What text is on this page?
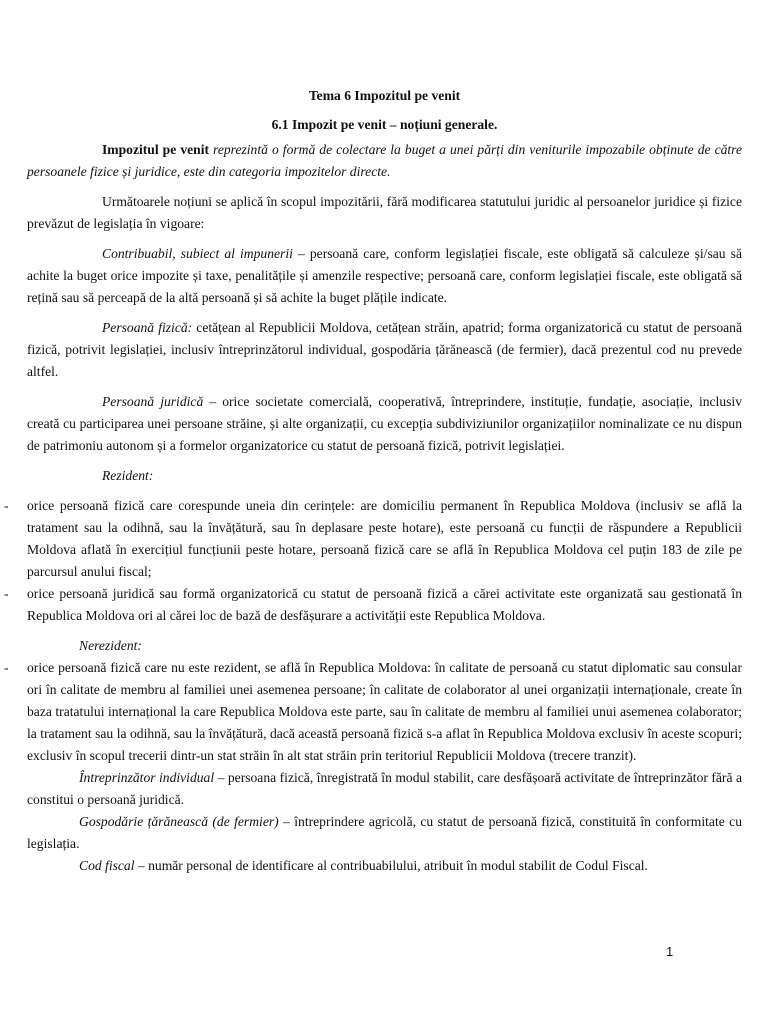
Tema 6 Impozitul pe venit

6.1 Impozit pe venit – noțiuni generale.

Impozitul pe venit reprezintă o formă de colectare la buget a unei părți din veniturile impozabile obținute de către persoanele fizice și juridice, este din categoria impozitelor directe.

Următoarele noțiuni se aplică în scopul impozitării, fără modificarea statutului juridic al persoanelor juridice și fizice prevăzut de legislația în vigoare:

Contribuabil, subiect al impunerii – persoană care, conform legislației fiscale, este obligată să calculeze și/sau să achite la buget orice impozite și taxe, penalitățile și amenzile respective; persoană care, conform legislației fiscale, este obligată să rețină sau să perceapă de la altă persoană și să achite la buget plățile indicate.

Persoană fizică: cetățean al Republicii Moldova, cetățean străin, apatrid; forma organizatorică cu statut de persoană fizică, potrivit legislației, inclusiv întreprinzătorul individual, gospodăria țărănească (de fermier), dacă prezentul cod nu prevede altfel.

Persoană juridică – orice societate comercială, cooperativă, întreprindere, instituție, fundație, asociație, inclusiv creată cu participarea unei persoane străine, și alte organizații, cu excepția subdiviziunilor organizațiilor nominalizate ce nu dispun de patrimoniu autonom și a formelor organizatorice cu statut de persoană fizică, potrivit legislației.

Rezident:

- orice persoană fizică care corespunde uneia din cerințele: are domiciliu permanent în Republica Moldova (inclusiv se află la tratament sau la odihnă, sau la învățătură, sau în deplasare peste hotare), este persoană cu funcții de răspundere a Republicii Moldova aflată în exercițiul funcțiunii peste hotare, persoană fizică care se află în Republica Moldova cel puțin 183 de zile pe parcursul anului fiscal;

- orice persoană juridică sau formă organizatorică cu statut de persoană fizică a cărei activitate este organizată sau gestionată în Republica Moldova ori al cărei loc de bază de desfășurare a activității este Republica Moldova.

Nerezident:

- orice persoană fizică care nu este rezident, se află în Republica Moldova: în calitate de persoană cu statut diplomatic sau consular ori în calitate de membru al familiei unei asemenea persoane; în calitate de colaborator al unei organizații internaționale, create în baza tratatului internațional la care Republica Moldova este parte, sau în calitate de membru al familiei unui asemenea colaborator; la tratament sau la odihnă, sau la învățătură, dacă această persoană fizică s-a aflat în Republica Moldova exclusiv în aceste scopuri; exclusiv în scopul trecerii dintr-un stat străin în alt stat străin prin teritoriul Republicii Moldova (trecere tranzit).

Întreprinzător individual – persoana fizică, înregistrată în modul stabilit, care desfășoară activitate de întreprinzător fără a constitui o persoană juridică.

Gospodărie țărănească (de fermier) – întreprindere agricolă, cu statut de persoană fizică, constituită în conformitate cu legislația.

Cod fiscal – număr personal de identificare al contribuabilului, atribuit în modul stabilit de Codul Fiscal.

1
